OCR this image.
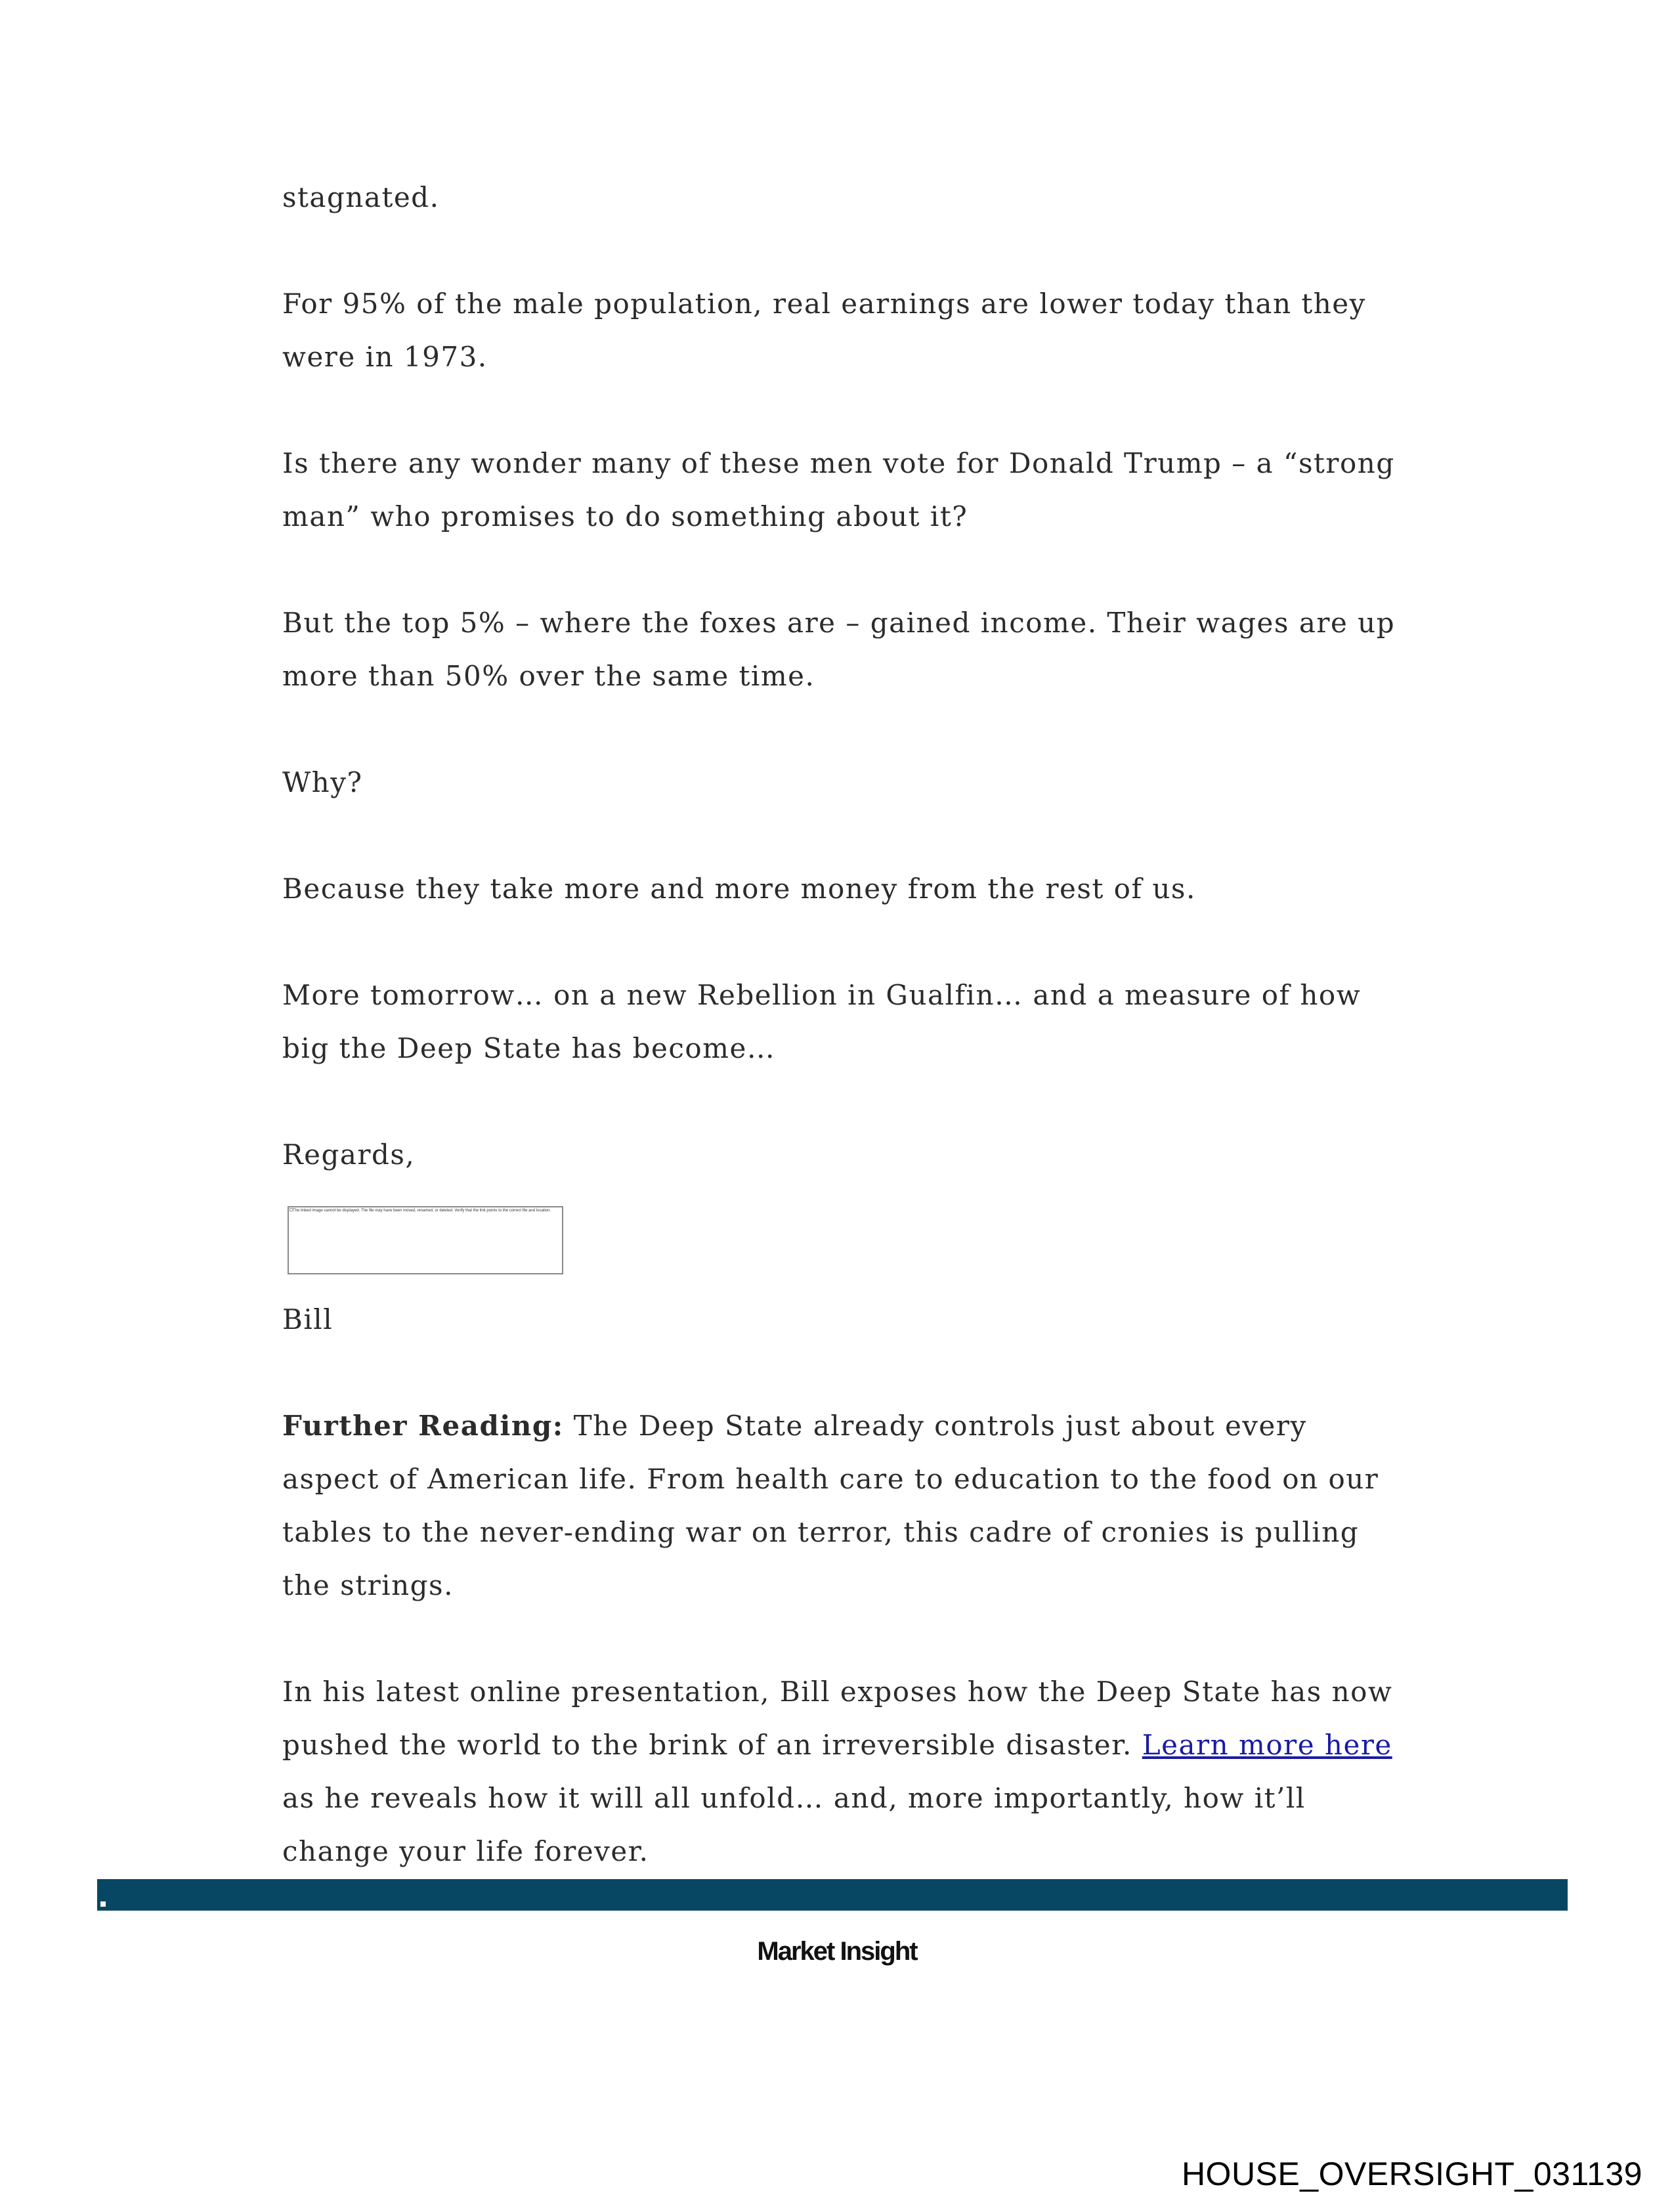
stagnated.

For 95% of the male population, real earnings are lower today than they were in 1973.

Is there any wonder many of these men vote for Donald Trump – a “strong man” who promises to do something about it?

But the top 5% – where the foxes are – gained income. Their wages are up more than 50% over the same time.

Why?

Because they take more and more money from the rest of us.

More tomorrow… on a new Rebellion in Gualfin… and a measure of how big the Deep State has become…

Regards,

The linked image cannot be displayed. The file may have been moved, renamed, or deleted. Verify that the link points to the correct file and location.

Bill

Further Reading: The Deep State already controls just about every aspect of American life. From health care to education to the food on our tables to the never-ending war on terror, this cadre of cronies is pulling the strings.

In his latest online presentation, Bill exposes how the Deep State has now pushed the world to the brink of an irreversible disaster. Learn more here as he reveals how it will all unfold… and, more importantly, how it’ll change your life forever.

Market Insight
HOUSE_OVERSIGHT_031139
